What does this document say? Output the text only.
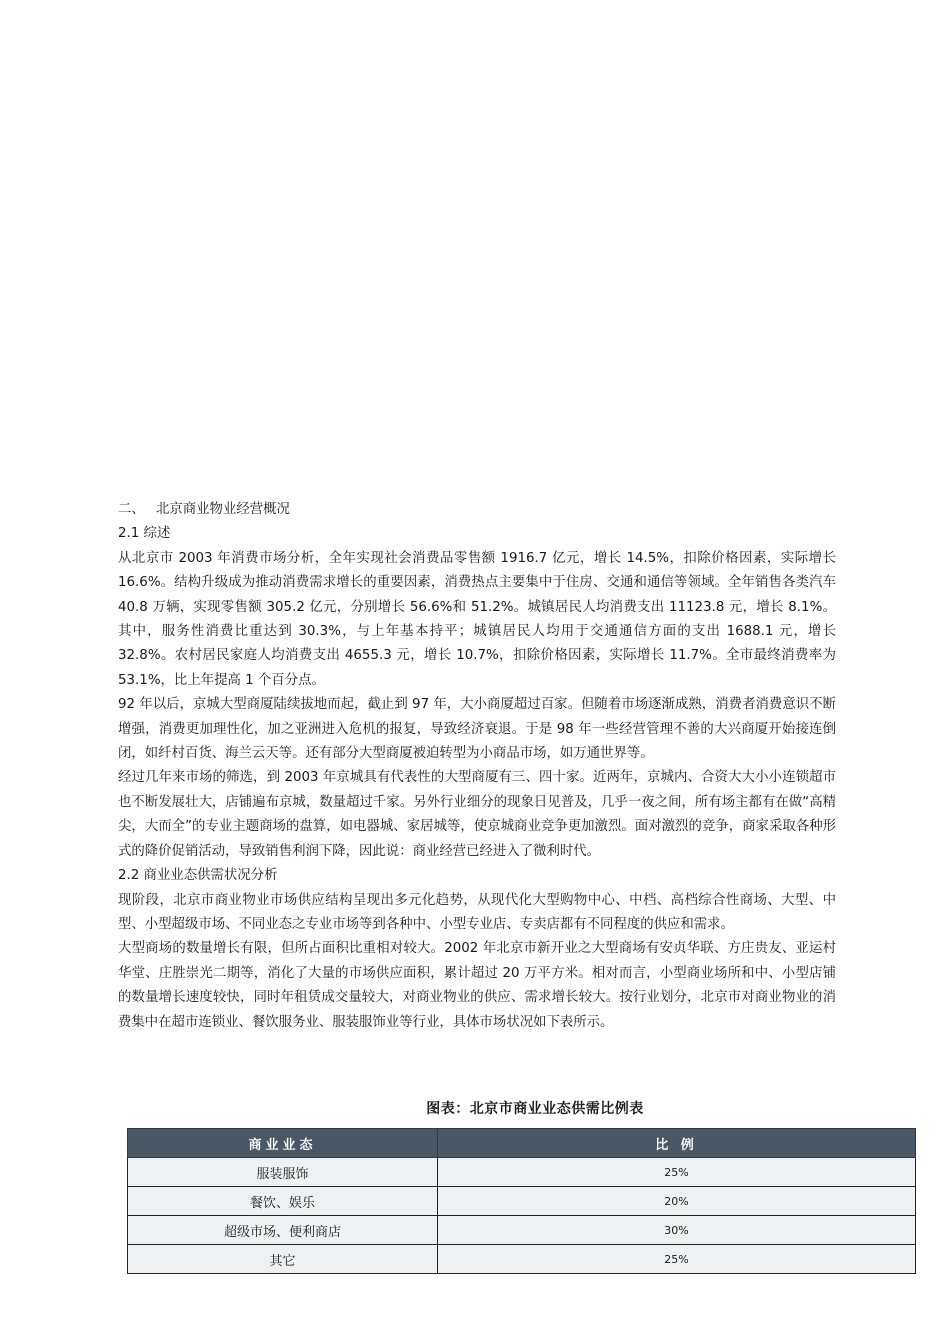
二、 北京商业物业经营概况

2.1 综述

从北京市 2003 年消费市场分析，全年实现社会消费品零售额 1916.7 亿元，增长 14.5%，扣除价格因素，实际增长 16.6%。结构升级成为推动消费需求增长的重要因素，消费热点主要集中于住房、交通和通信等领域。全年销售各类汽车 40.8 万辆，实现零售额 305.2 亿元，分别增长 56.6%和 51.2%。城镇居民人均消费支出 11123.8 元，增长 8.1%。其中，服务性消费比重达到 30.3%，与上年基本持平；城镇居民人均用于交通通信方面的支出 1688.1 元，增长 32.8%。农村居民家庭人均消费支出 4655.3 元，增长 10.7%，扣除价格因素，实际增长 11.7%。全市最终消费率为 53.1%，比上年提高 1 个百分点。

92 年以后，京城大型商厦陆续拔地而起，截止到 97 年，大小商厦超过百家。但随着市场逐渐成熟，消费者消费意识不断增强，消费更加理性化，加之亚洲进入危机的报复，导致经济衰退。于是 98 年一些经营管理不善的大兴商厦开始接连倒闭，如纤村百货、海兰云天等。还有部分大型商厦被迫转型为小商品市场，如万通世界等。

经过几年来市场的筛选，到 2003 年京城具有代表性的大型商厦有三、四十家。近两年，京城内、合资大大小小连锁超市也不断发展壮大，店铺遍布京城，数量超过千家。另外行业细分的现象日见普及，几乎一夜之间，所有场主都有在做“高精尖，大而全”的专业主题商场的盘算，如电器城、家居城等，使京城商业竞争更加激烈。面对激烈的竞争，商家采取各种形式的降价促销活动，导致销售利润下降，因此说：商业经营已经进入了微利时代。

2.2 商业业态供需状况分析

现阶段，北京市商业物业市场供应结构呈现出多元化趋势，从现代化大型购物中心、中档、高档综合性商场、大型、中型、小型超级市场、不同业态之专业市场等到各种中、小型专业店、专卖店都有不同程度的供应和需求。

大型商场的数量增长有限，但所占面积比重相对较大。2002 年北京市新开业之大型商场有安贞华联、方庄贵友、亚运村华堂、庄胜崇光二期等，消化了大量的市场供应面积，累计超过 20 万平方米。相对而言，小型商业场所和中、小型店铺的数量增长速度较快，同时年租赁成交量较大，对商业物业的供应、需求增长较大。按行业划分，北京市对商业物业的消费集中在超市连锁业、餐饮服务业、服装服饰业等行业，具体市场状况如下表所示。

图表：北京市商业业态供需比例表
商业业态	比 例
服装服饰	25%
餐饮、娱乐	20%
超级市场、便利商店	30%
其它	25%
